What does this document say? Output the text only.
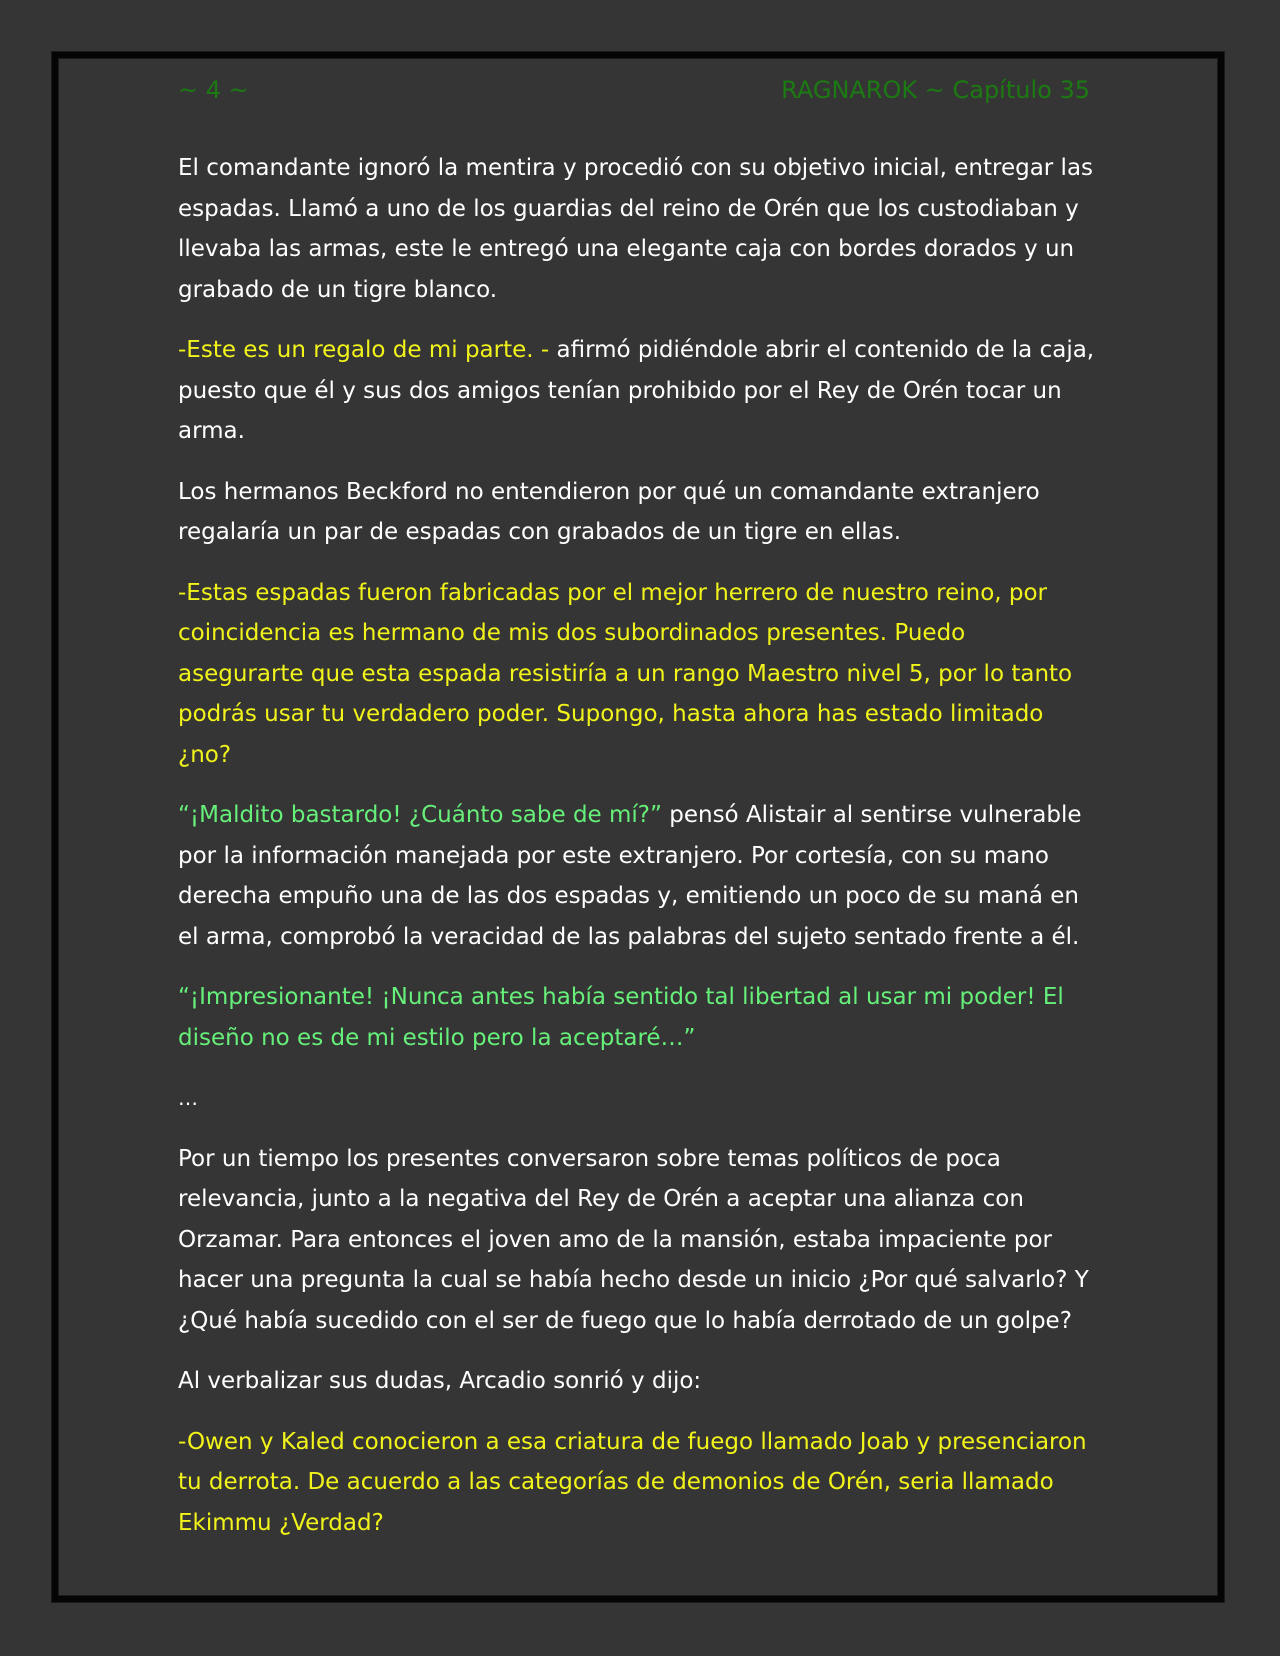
~ 4 ~	RAGNAROK ~ Capítulo 35

El comandante ignoró la mentira y procedió con su objetivo inicial, entregar las espadas. Llamó a uno de los guardias del reino de Orén que los custodiaban y llevaba las armas, este le entregó una elegante caja con bordes dorados y un grabado de un tigre blanco.

-Este es un regalo de mi parte. - afirmó pidiéndole abrir el contenido de la caja, puesto que él y sus dos amigos tenían prohibido por el Rey de Orén tocar un arma.

Los hermanos Beckford no entendieron por qué un comandante extranjero regalaría un par de espadas con grabados de un tigre en ellas.

-Estas espadas fueron fabricadas por el mejor herrero de nuestro reino, por coincidencia es hermano de mis dos subordinados presentes. Puedo asegurarte que esta espada resistiría a un rango Maestro nivel 5, por lo tanto podrás usar tu verdadero poder. Supongo, hasta ahora has estado limitado ¿no?

“¡Maldito bastardo! ¿Cuánto sabe de mí?” pensó Alistair al sentirse vulnerable por la información manejada por este extranjero. Por cortesía, con su mano derecha empuño una de las dos espadas y, emitiendo un poco de su maná en el arma, comprobó la veracidad de las palabras del sujeto sentado frente a él.

“¡Impresionante! ¡Nunca antes había sentido tal libertad al usar mi poder! El diseño no es de mi estilo pero la aceptaré…”

…

Por un tiempo los presentes conversaron sobre temas políticos de poca relevancia, junto a la negativa del Rey de Orén a aceptar una alianza con Orzamar. Para entonces el joven amo de la mansión, estaba impaciente por hacer una pregunta la cual se había hecho desde un inicio ¿Por qué salvarlo? Y ¿Qué había sucedido con el ser de fuego que lo había derrotado de un golpe?

Al verbalizar sus dudas, Arcadio sonrió y dijo:

-Owen y Kaled conocieron a esa criatura de fuego llamado Joab y presenciaron tu derrota. De acuerdo a las categorías de demonios de Orén, seria llamado Ekimmu ¿Verdad?
